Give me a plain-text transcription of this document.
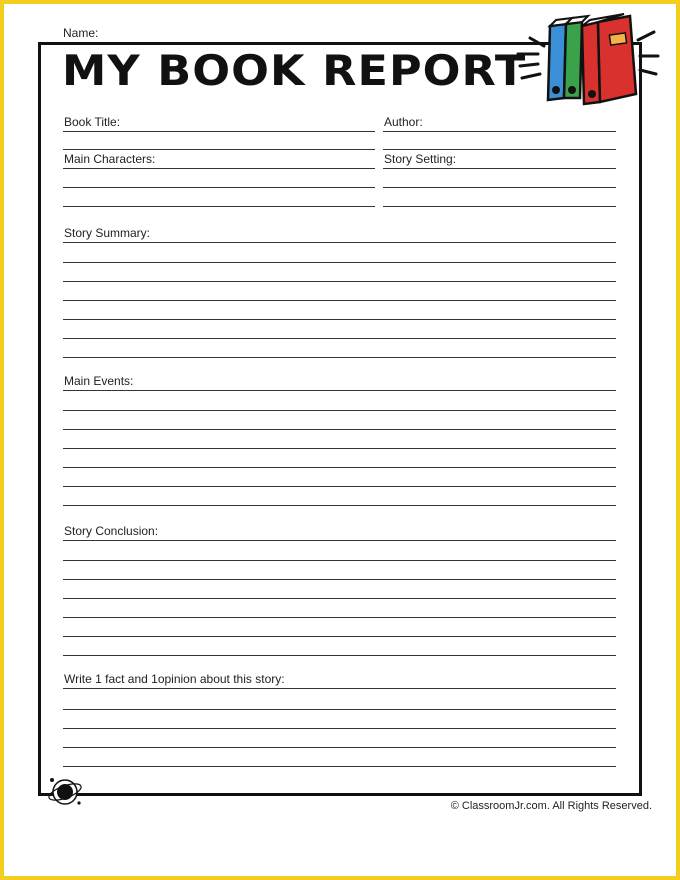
Name:
MY BOOK REPORT
Book Title:	Author:
Main Characters:	Story Setting:
Story Summary:
Main Events:
Story Conclusion:
Write 1 fact and 1opinion about this story:
© ClassroomJr.com. All Rights Reserved.
